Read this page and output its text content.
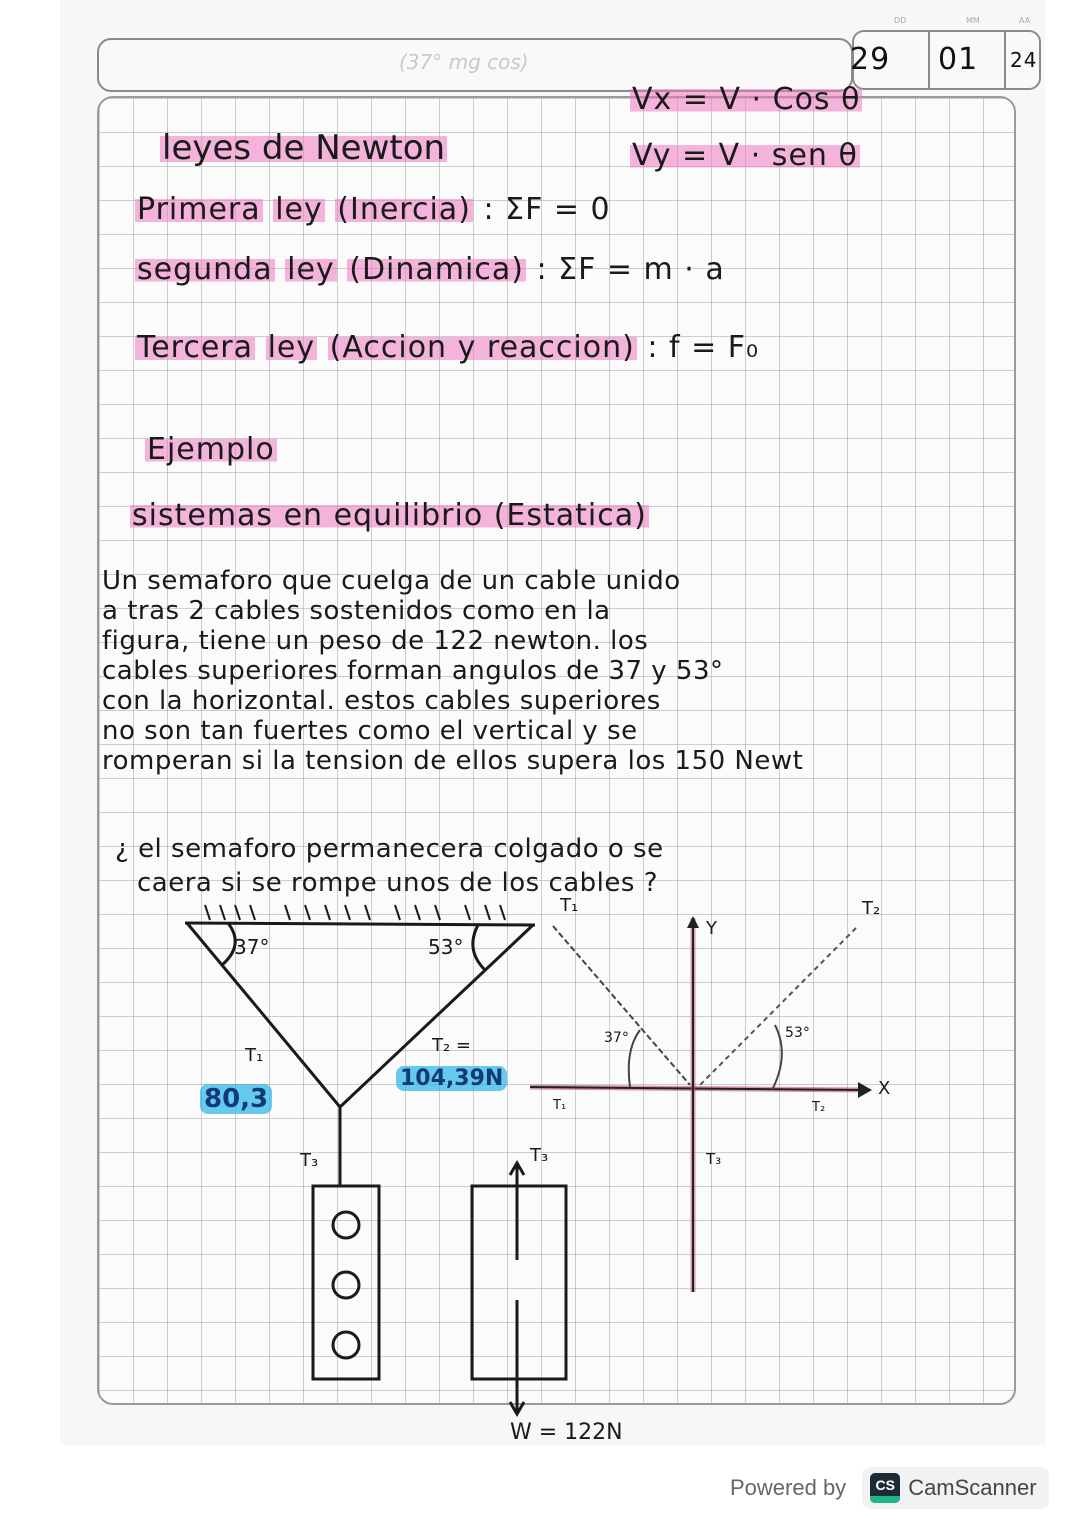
(37° mg cos)
DD	MM	AA
29 01 24
leyes de Newton
Vx = V · Cos θ
Vy = V · sen θ
Primera ley (Inercia) : ΣF = 0
segunda ley (Dinamica) : ΣF = m · a
Tercera ley (Accion y reaccion) : f = F₀
Ejemplo
sistemas en equilibrio (Estatica)
Un semaforo que cuelga de un cable unido
a tras 2 cables sostenidos como en la
figura, tiene un peso de 122 newton. los
cables superiores forman angulos de 37 y 53°
con la horizontal. estos cables superiores
no son tan fuertes como el vertical y se
romperan si la tension de ellos supera los 150 Newt
¿ el semaforo permanecera colgado o se
caera si se rompe unos de los cables ?
37°	53°
T₁	T₂ =
80,3
104,39N
T₃	T₃
W = 122N
T₁	T₂
Y
X
37°	53°
T₁	T₂
T₃
Powered by CS CamScanner
